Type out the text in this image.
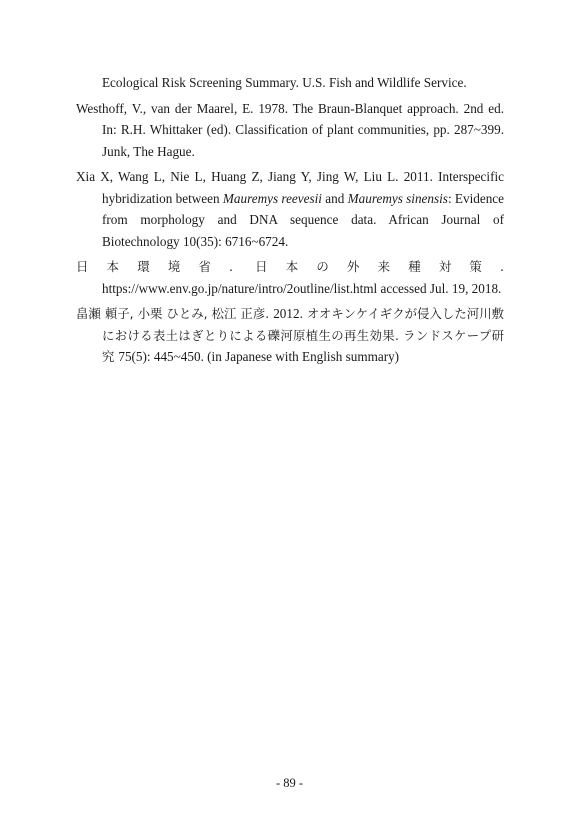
Ecological Risk Screening Summary. U.S. Fish and Wildlife Service.

Westhoff, V., van der Maarel, E. 1978. The Braun-Blanquet approach. 2nd ed. In: R.H. Whittaker (ed). Classification of plant communities, pp. 287~399. Junk, The Hague.

Xia X, Wang L, Nie L, Huang Z, Jiang Y, Jing W, Liu L. 2011. Interspecific hybridization between Mauremys reevesii and Mauremys sinensis: Evidence from morphology and DNA sequence data. African Journal of Biotechnology 10(35): 6716~6724.

日本環境省. 日本の外来種対策. https://www.env.go.jp/nature/intro/2outline/list.html accessed Jul. 19, 2018.

畠瀬 頼子, 小栗 ひとみ, 松江 正彦. 2012. オオキンケイギクが侵入した河川敷における表土はぎとりによる礫河原植生の再生効果. ランドスケープ研究 75(5): 445~450. (in Japanese with English summary)

- 89 -
